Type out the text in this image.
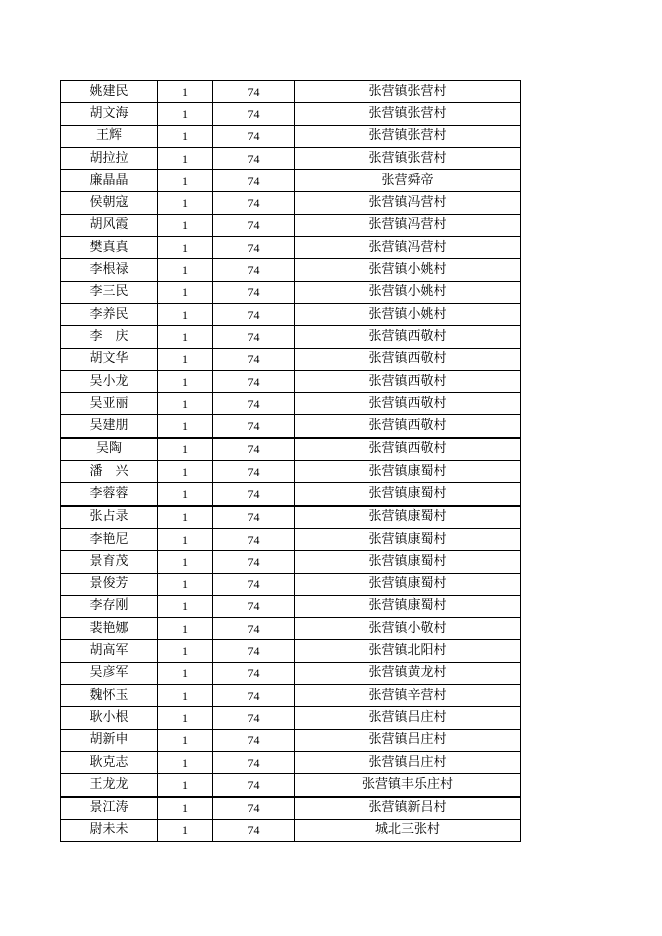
姚建民	1	74	张营镇张营村
胡文海	1	74	张营镇张营村
王辉	1	74	张营镇张营村
胡拉拉	1	74	张营镇张营村
廉晶晶	1	74	张营舜帝
侯朝寇	1	74	张营镇冯营村
胡风霞	1	74	张营镇冯营村
樊真真	1	74	张营镇冯营村
李根禄	1	74	张营镇小姚村
李三民	1	74	张营镇小姚村
李养民	1	74	张营镇小姚村
李　庆	1	74	张营镇西敬村
胡文华	1	74	张营镇西敬村
吴小龙	1	74	张营镇西敬村
吴亚丽	1	74	张营镇西敬村
吴建朋	1	74	张营镇西敬村
吴陶	1	74	张营镇西敬村
潘　兴	1	74	张营镇康蜀村
李蓉蓉	1	74	张营镇康蜀村
张占录	1	74	张营镇康蜀村
李艳尼	1	74	张营镇康蜀村
景育茂	1	74	张营镇康蜀村
景俊芳	1	74	张营镇康蜀村
李存刚	1	74	张营镇康蜀村
裴艳娜	1	74	张营镇小敬村
胡高军	1	74	张营镇北阳村
吴彦军	1	74	张营镇黄龙村
魏怀玉	1	74	张营镇辛营村
耿小根	1	74	张营镇吕庄村
胡新申	1	74	张营镇吕庄村
耿克志	1	74	张营镇吕庄村
王龙龙	1	74	张营镇丰乐庄村
景江涛	1	74	张营镇新吕村
尉未未	1	74	城北三张村
